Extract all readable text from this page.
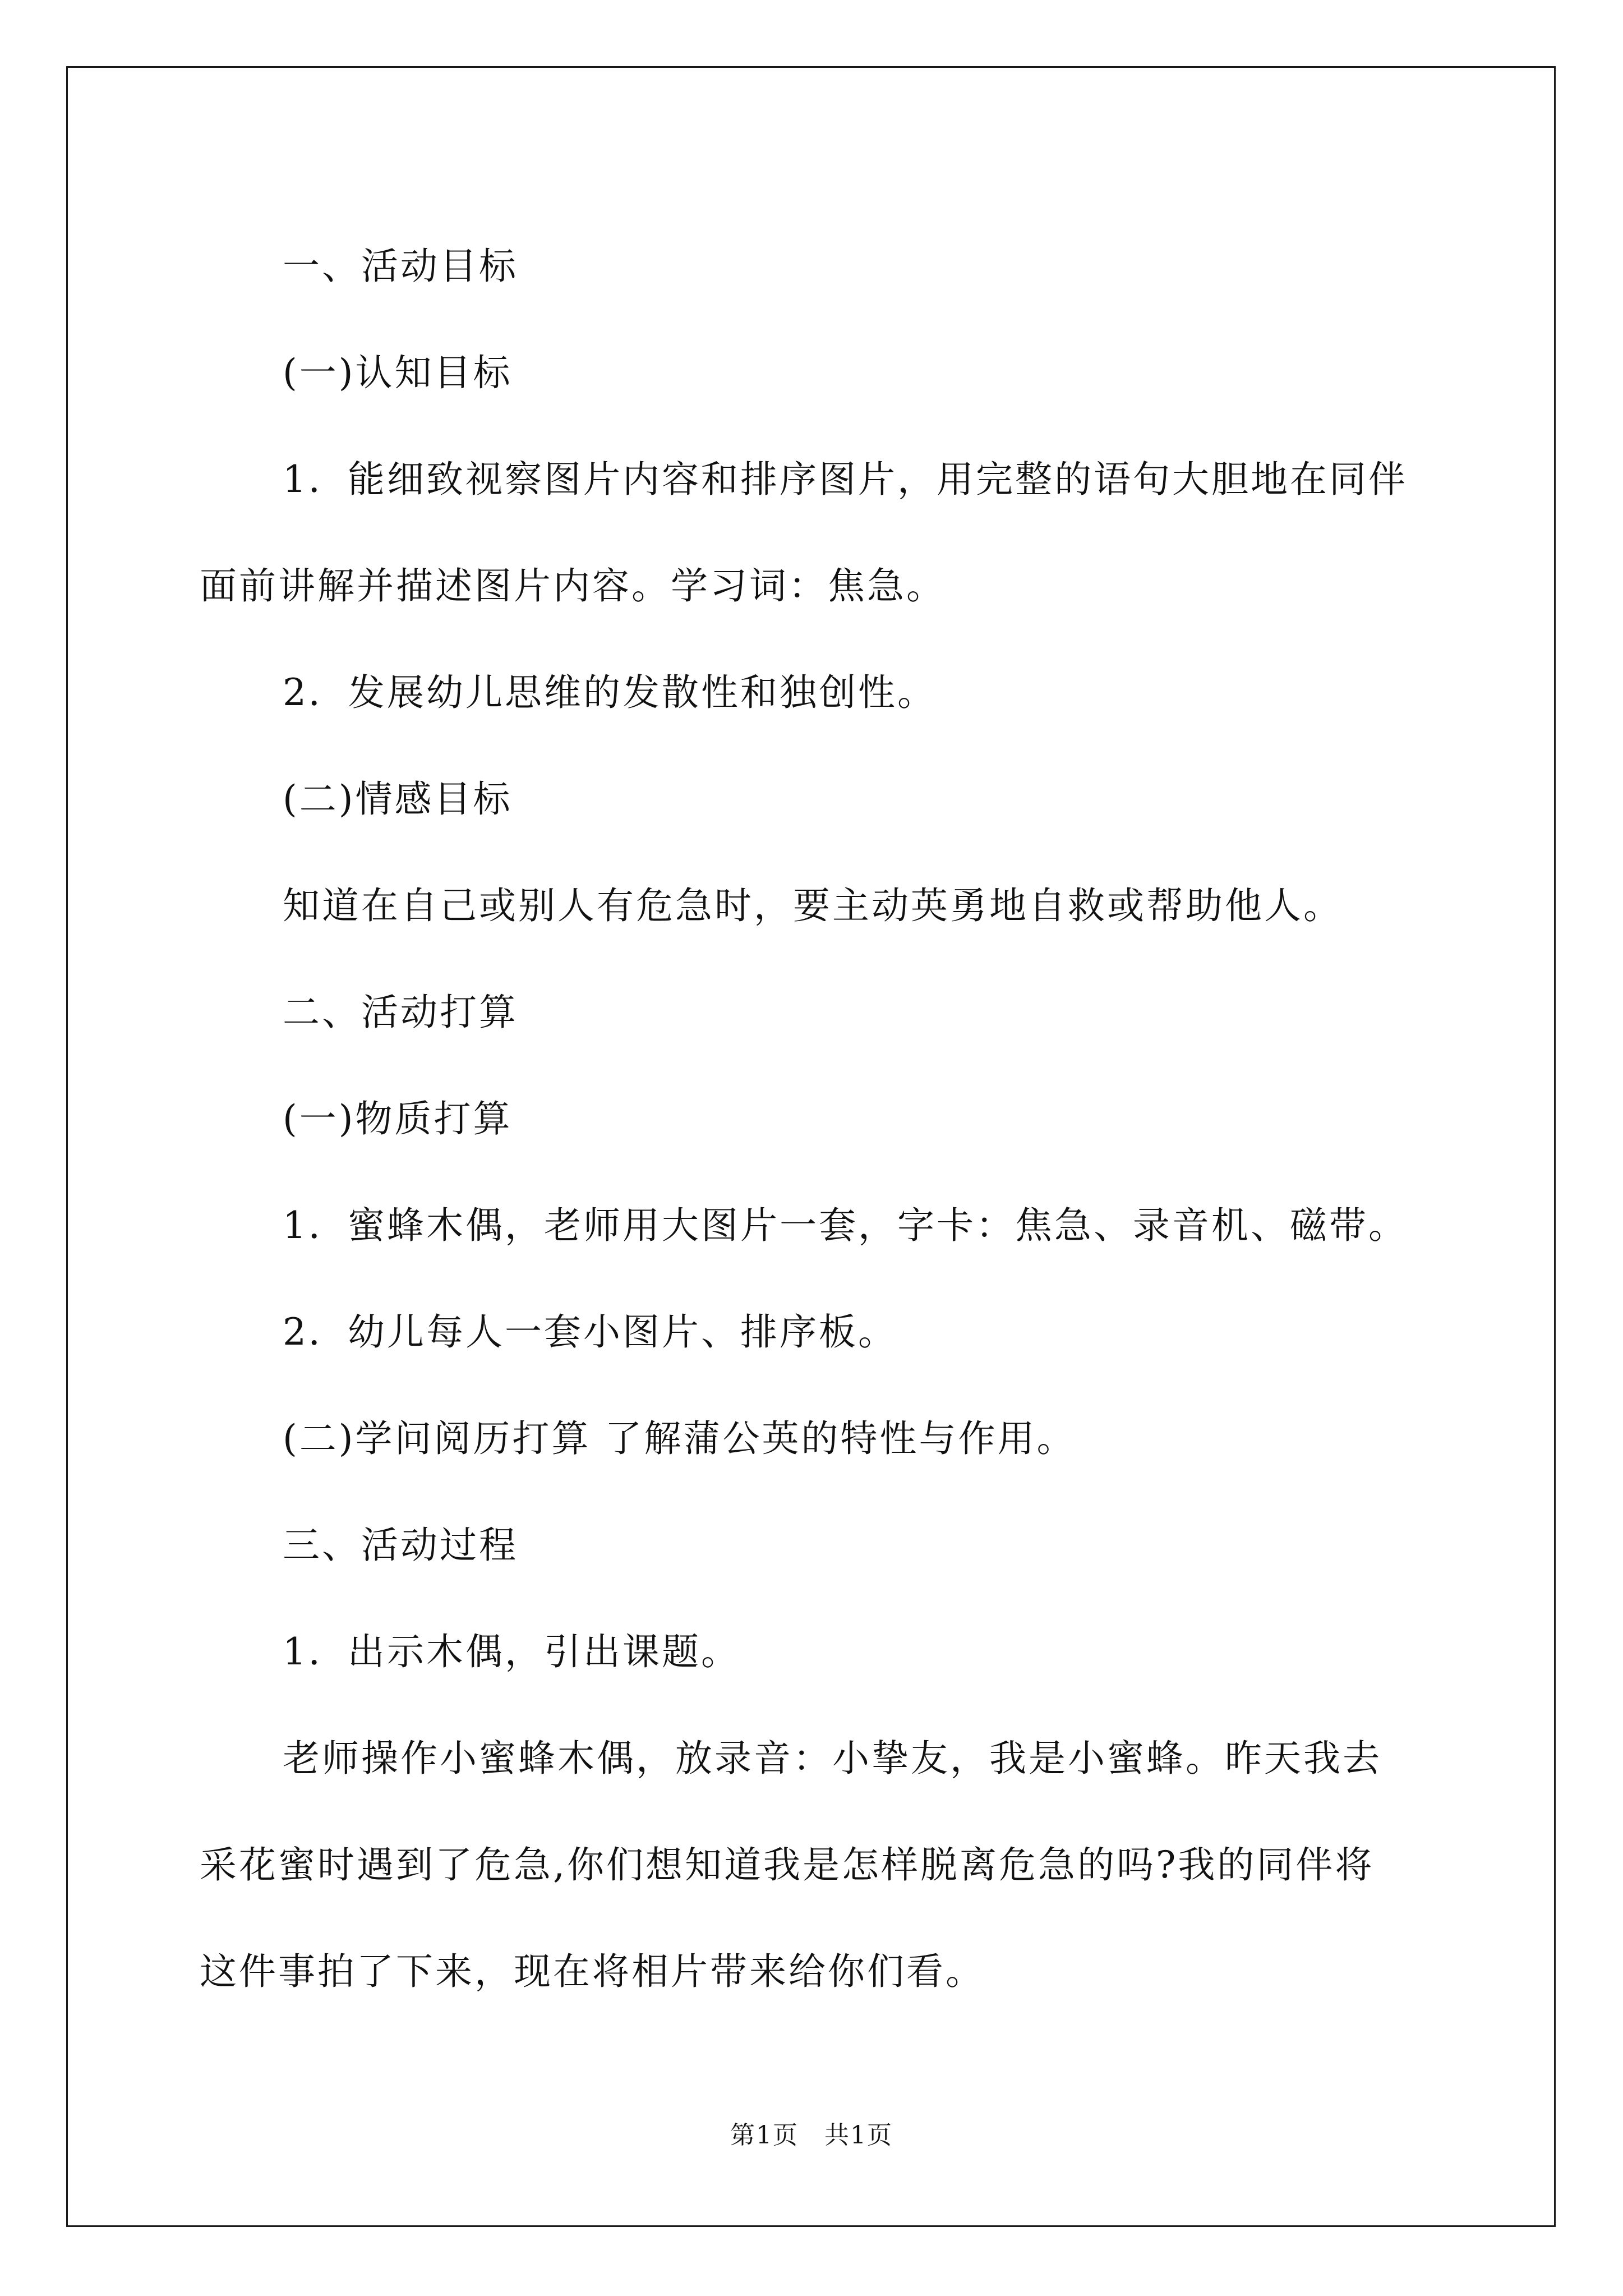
一、活动目标

(一)认知目标

1．能细致视察图片内容和排序图片，用完整的语句大胆地在同伴

面前讲解并描述图片内容。学习词：焦急。

2．发展幼儿思维的发散性和独创性。

(二)情感目标

知道在自己或别人有危急时，要主动英勇地自救或帮助他人。

二、活动打算

(一)物质打算

1．蜜蜂木偶，老师用大图片一套，字卡：焦急、录音机、磁带。

2．幼儿每人一套小图片、排序板。

(二)学问阅历打算 了解蒲公英的特性与作用。

三、活动过程

1．出示木偶，引出课题。

老师操作小蜜蜂木偶，放录音：小挚友，我是小蜜蜂。昨天我去

采花蜜时遇到了危急,你们想知道我是怎样脱离危急的吗?我的同伴将

这件事拍了下来，现在将相片带来给你们看。

第1页　共1页
